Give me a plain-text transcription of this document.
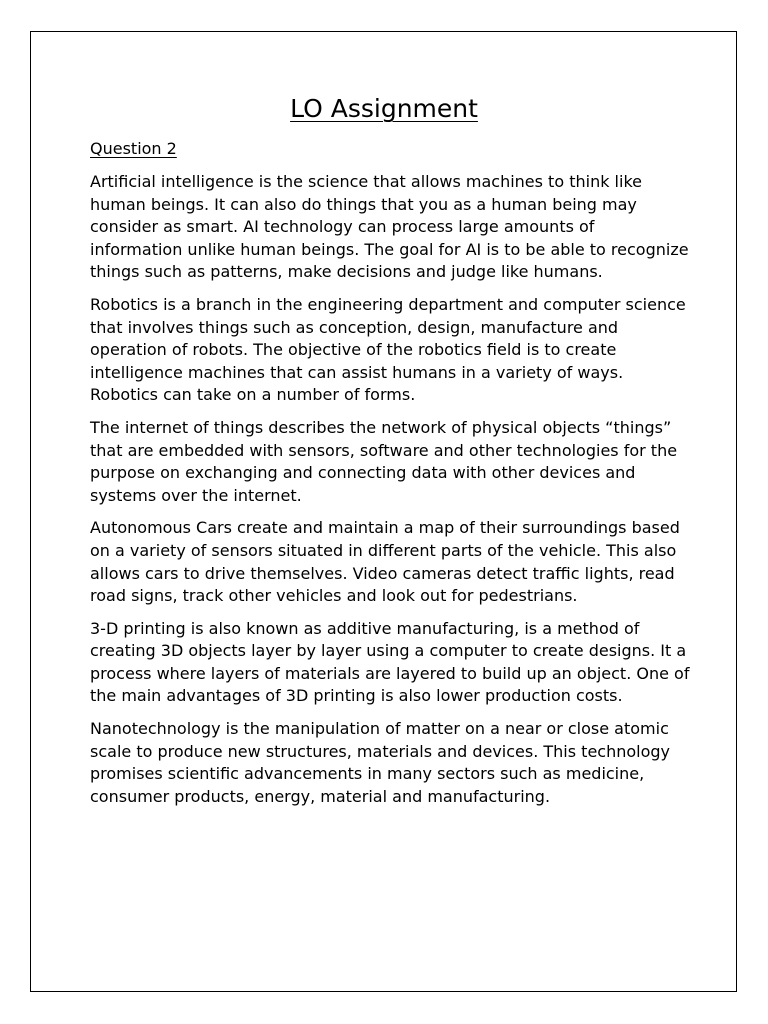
LO Assignment

Question 2

Artificial intelligence is the science that allows machines to think like human beings. It can also do things that you as a human being may consider as smart. AI technology can process large amounts of information unlike human beings. The goal for AI is to be able to recognize things such as patterns, make decisions and judge like humans.

Robotics is a branch in the engineering department and computer science that involves things such as conception, design, manufacture and operation of robots. The objective of the robotics field is to create intelligence machines that can assist humans in a variety of ways. Robotics can take on a number of forms.

The internet of things describes the network of physical objects “things” that are embedded with sensors, software and other technologies for the purpose on exchanging and connecting data with other devices and systems over the internet.

Autonomous Cars create and maintain a map of their surroundings based on a variety of sensors situated in different parts of the vehicle. This also allows cars to drive themselves. Video cameras detect traffic lights, read road signs, track other vehicles and look out for pedestrians.

3-D printing is also known as additive manufacturing, is a method of creating 3D objects layer by layer using a computer to create designs. It a process where layers of materials are layered to build up an object. One of the main advantages of 3D printing is also lower production costs.

Nanotechnology is the manipulation of matter on a near or close atomic scale to produce new structures, materials and devices. This technology promises scientific advancements in many sectors such as medicine, consumer products, energy, material and manufacturing.
